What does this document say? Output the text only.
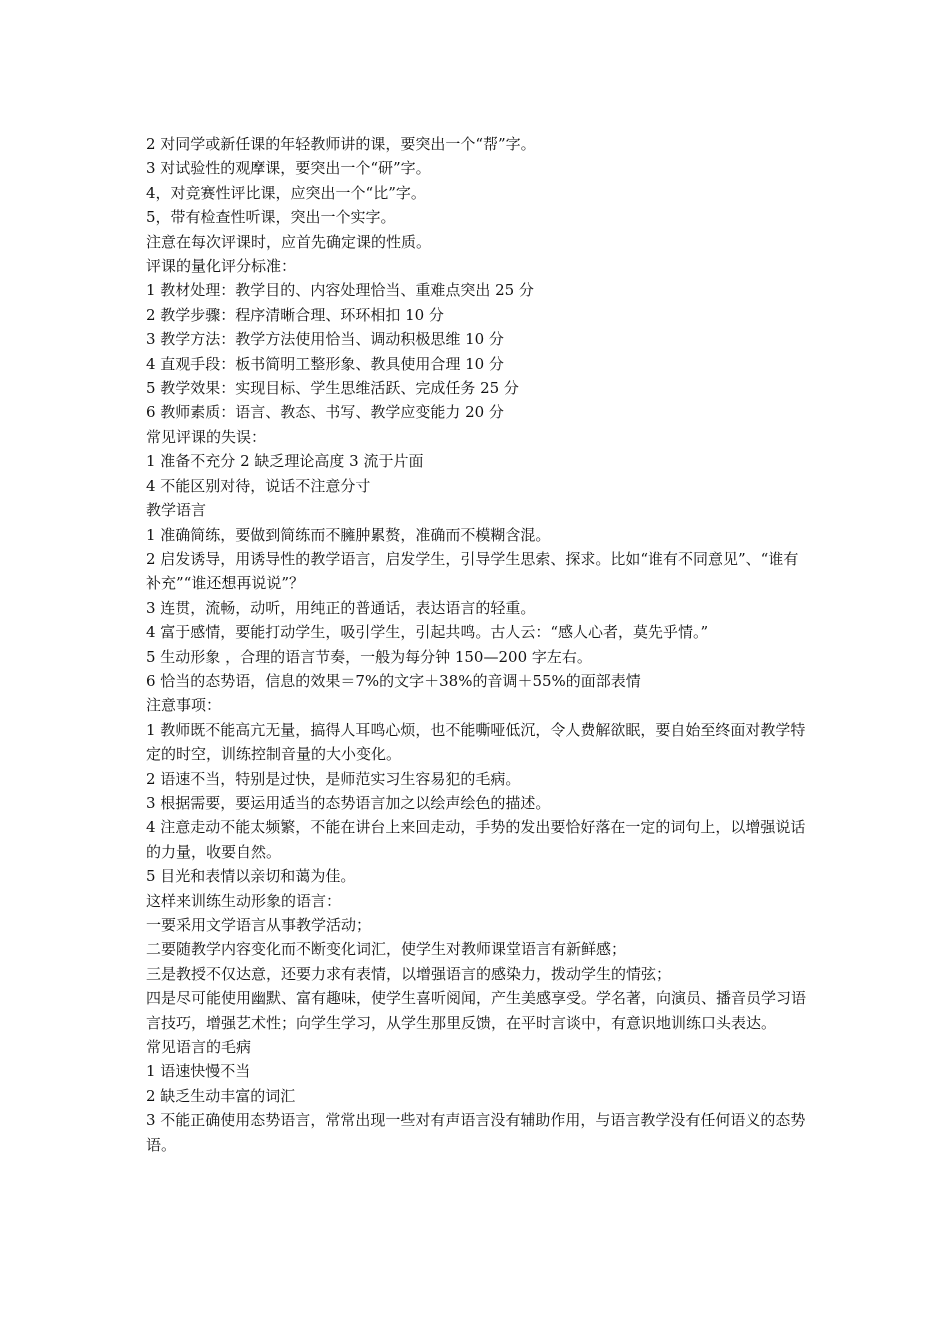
2 对同学或新任课的年轻教师讲的课，要突出一个“帮”字。
3 对试验性的观摩课，要突出一个“研”字。
4，对竞赛性评比课，应突出一个“比”字。
5，带有检查性听课，突出一个实字。
注意在每次评课时，应首先确定课的性质。
评课的量化评分标准：
1 教材处理：教学目的、内容处理恰当、重难点突出 25 分
2 教学步骤：程序清晰合理、环环相扣 10 分
3 教学方法：教学方法使用恰当、调动积极思维 10 分
4 直观手段：板书简明工整形象、教具使用合理 10 分
5 教学效果：实现目标、学生思维活跃、完成任务 25 分
6 教师素质：语言、教态、书写、教学应变能力 20 分
常见评课的失误：
1 准备不充分 2 缺乏理论高度 3 流于片面
4 不能区别对待，说话不注意分寸
教学语言
1 准确简练，要做到简练而不臃肿累赘，准确而不模糊含混。
2 启发诱导，用诱导性的教学语言，启发学生，引导学生思索、探求。比如“谁有不同意见”、“谁有补充”“谁还想再说说”？
3 连贯，流畅，动听，用纯正的普通话，表达语言的轻重。
4 富于感情，要能打动学生，吸引学生，引起共鸣。古人云：“感人心者，莫先乎情。”
5 生动形象 ，合理的语言节奏，一般为每分钟 150—200 字左右。
6 恰当的态势语，信息的效果＝7%的文字＋38%的音调＋55%的面部表情
注意事项：
1 教师既不能高亢无量，搞得人耳鸣心烦，也不能嘶哑低沉，令人费解欲眠，要自始至终面对教学特定的时空，训练控制音量的大小变化。
2 语速不当，特别是过快，是师范实习生容易犯的毛病。
3 根据需要，要运用适当的态势语言加之以绘声绘色的描述。
4 注意走动不能太频繁，不能在讲台上来回走动，手势的发出要恰好落在一定的词句上，以增强说话的力量，收要自然。
5 目光和表情以亲切和蔼为佳。
这样来训练生动形象的语言：
一要采用文学语言从事教学活动；
二要随教学内容变化而不断变化词汇，使学生对教师课堂语言有新鲜感；
三是教授不仅达意，还要力求有表情，以增强语言的感染力，拨动学生的情弦；
四是尽可能使用幽默、富有趣味，使学生喜听阅闻，产生美感享受。学名著，向演员、播音员学习语言技巧，增强艺术性；向学生学习，从学生那里反馈，在平时言谈中，有意识地训练口头表达。
常见语言的毛病
1 语速快慢不当
2 缺乏生动丰富的词汇
3 不能正确使用态势语言，常常出现一些对有声语言没有辅助作用，与语言教学没有任何语义的态势语。
